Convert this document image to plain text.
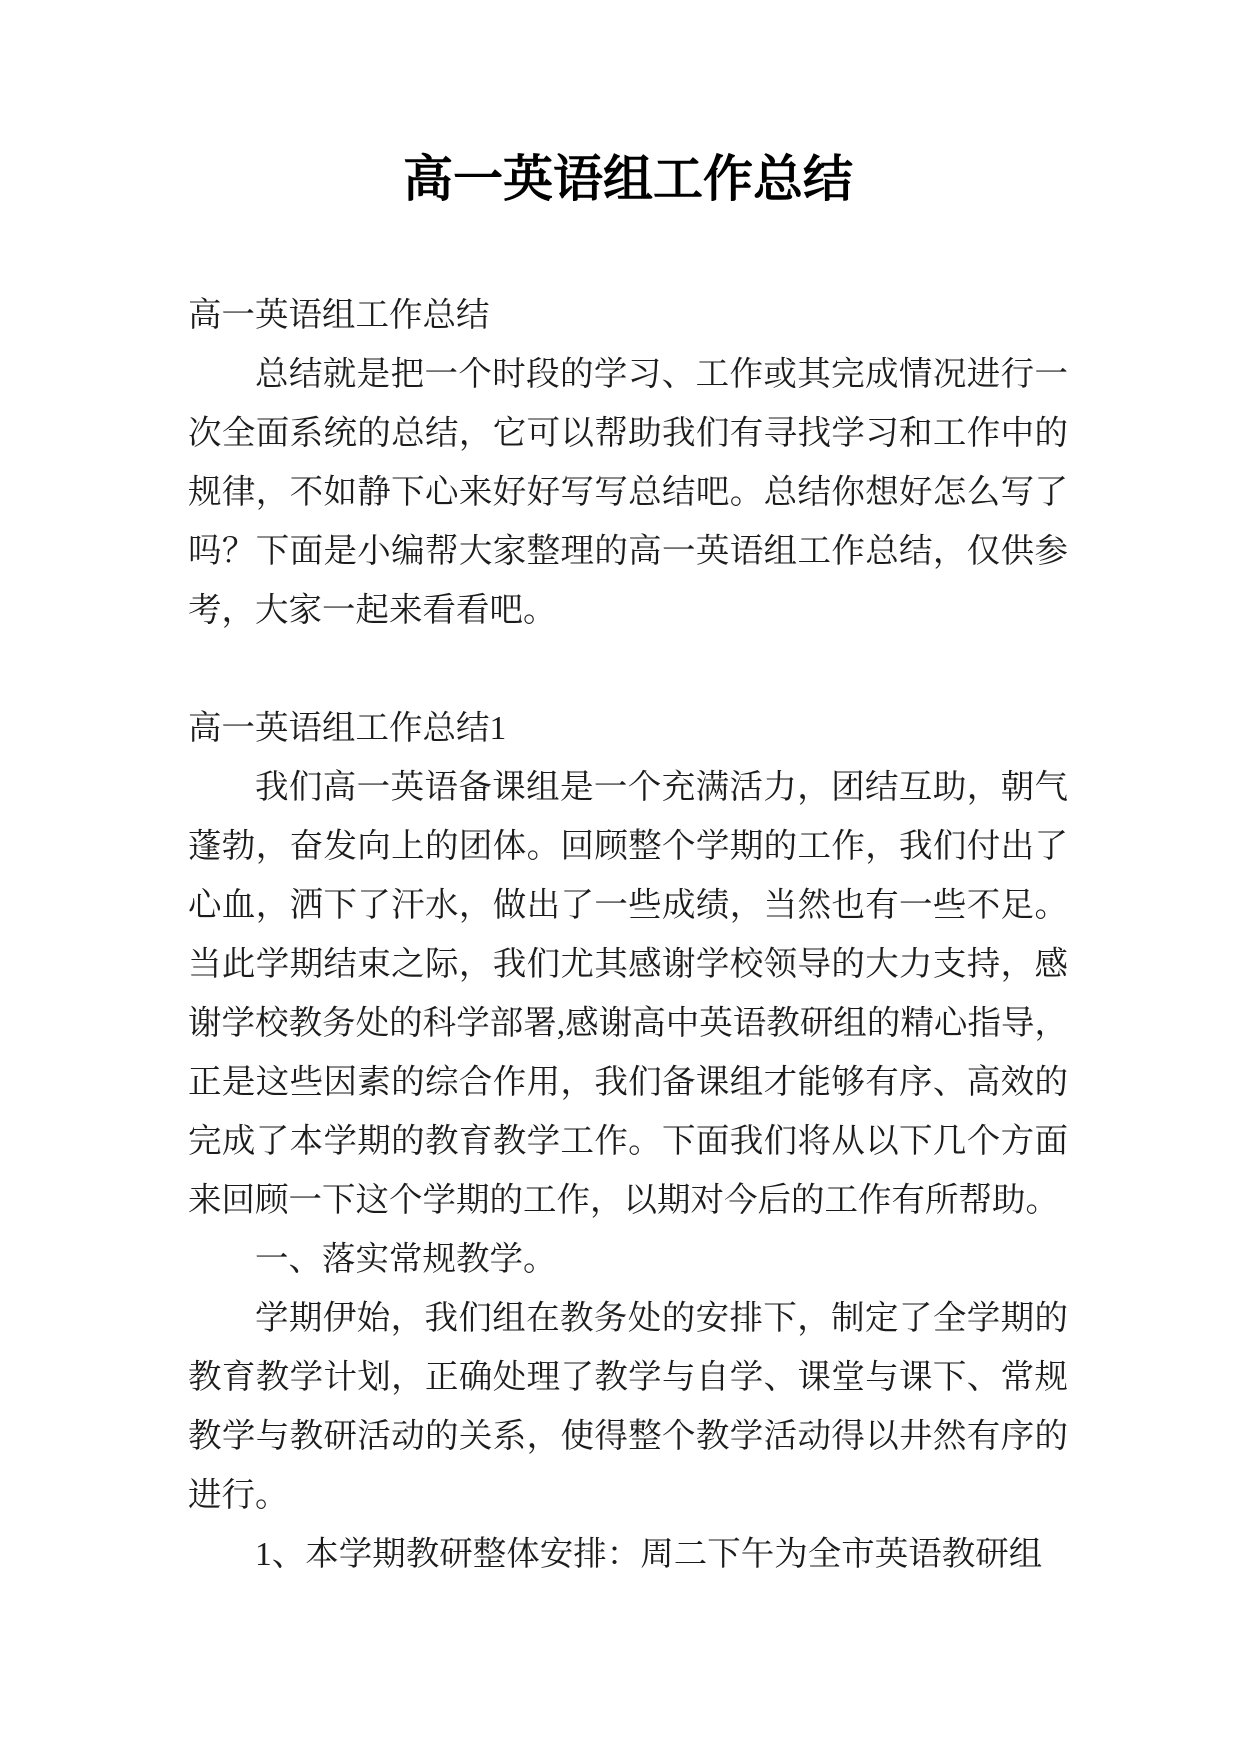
高一英语组工作总结

高一英语组工作总结

总结就是把一个时段的学习、工作或其完成情况进行一次全面系统的总结，它可以帮助我们有寻找学习和工作中的规律，不如静下心来好好写写总结吧。总结你想好怎么写了吗？下面是小编帮大家整理的高一英语组工作总结，仅供参考，大家一起来看看吧。

高一英语组工作总结1

我们高一英语备课组是一个充满活力，团结互助，朝气蓬勃，奋发向上的团体。回顾整个学期的工作，我们付出了心血，洒下了汗水，做出了一些成绩，当然也有一些不足。当此学期结束之际，我们尤其感谢学校领导的大力支持，感谢学校教务处的科学部署,感谢高中英语教研组的精心指导，正是这些因素的综合作用，我们备课组才能够有序、高效的完成了本学期的教育教学工作。下面我们将从以下几个方面来回顾一下这个学期的工作，以期对今后的工作有所帮助。

一、落实常规教学。

学期伊始，我们组在教务处的安排下，制定了全学期的教育教学计划，正确处理了教学与自学、课堂与课下、常规教学与教研活动的关系，使得整个教学活动得以井然有序的进行。

1、本学期教研整体安排：周二下午为全市英语教研组
